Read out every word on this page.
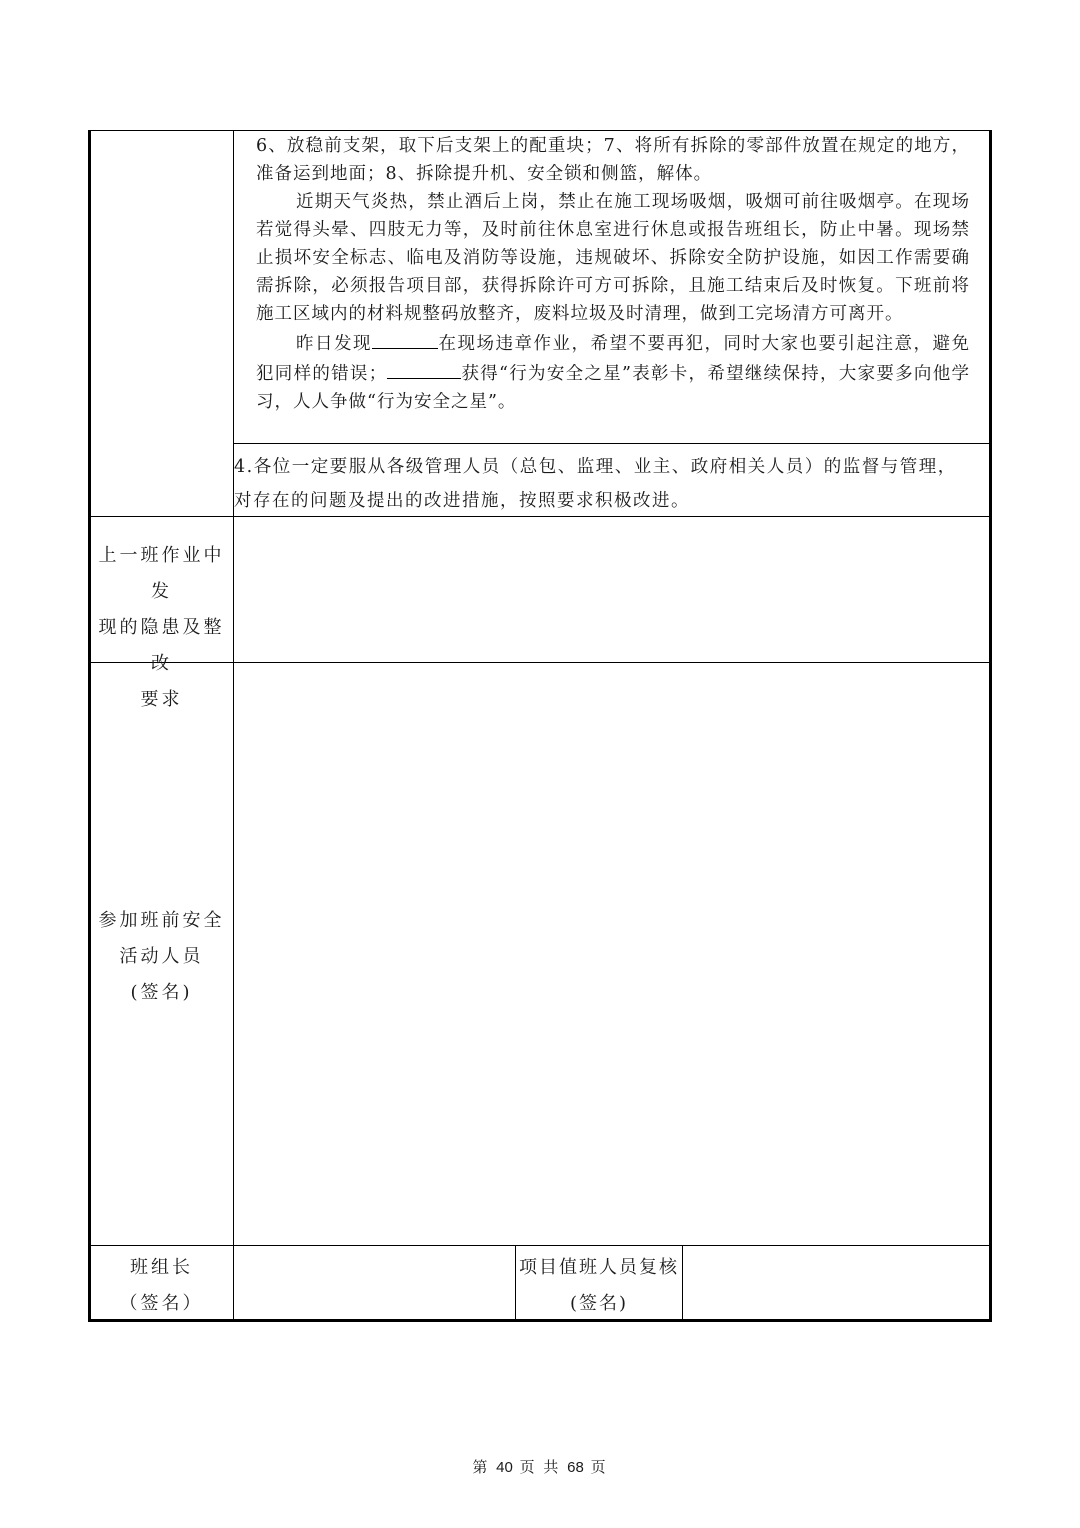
6、放稳前支架，取下后支架上的配重块；7、将所有拆除的零部件放置在规定的地方，准备运到地面；8、拆除提升机、安全锁和侧篮，解体。

近期天气炎热，禁止酒后上岗，禁止在施工现场吸烟，吸烟可前往吸烟亭。在现场若觉得头晕、四肢无力等，及时前往休息室进行休息或报告班组长，防止中暑。现场禁止损坏安全标志、临电及消防等设施，违规破坏、拆除安全防护设施，如因工作需要确需拆除，必须报告项目部，获得拆除许可方可拆除，且施工结束后及时恢复。下班前将施工区域内的材料规整码放整齐，废料垃圾及时清理，做到工完场清方可离开。

昨日发现	在现场违章作业，希望不要再犯，同时大家也要引起注意，避免犯同样的错误；	获得“行为安全之星”表彰卡，希望继续保持，大家要多向他学习，人人争做“行为安全之星”。

4.各位一定要服从各级管理人员（总包、监理、业主、政府相关人员）的监督与管理，

对存在的问题及提出的改进措施，按照要求积极改进。

上一班作业中发
现的隐患及整改
要求
参加班前安全
活动人员
(签名)
班组长
（签名）
项目值班人员复核
(签名)
第 40 页 共 68 页
